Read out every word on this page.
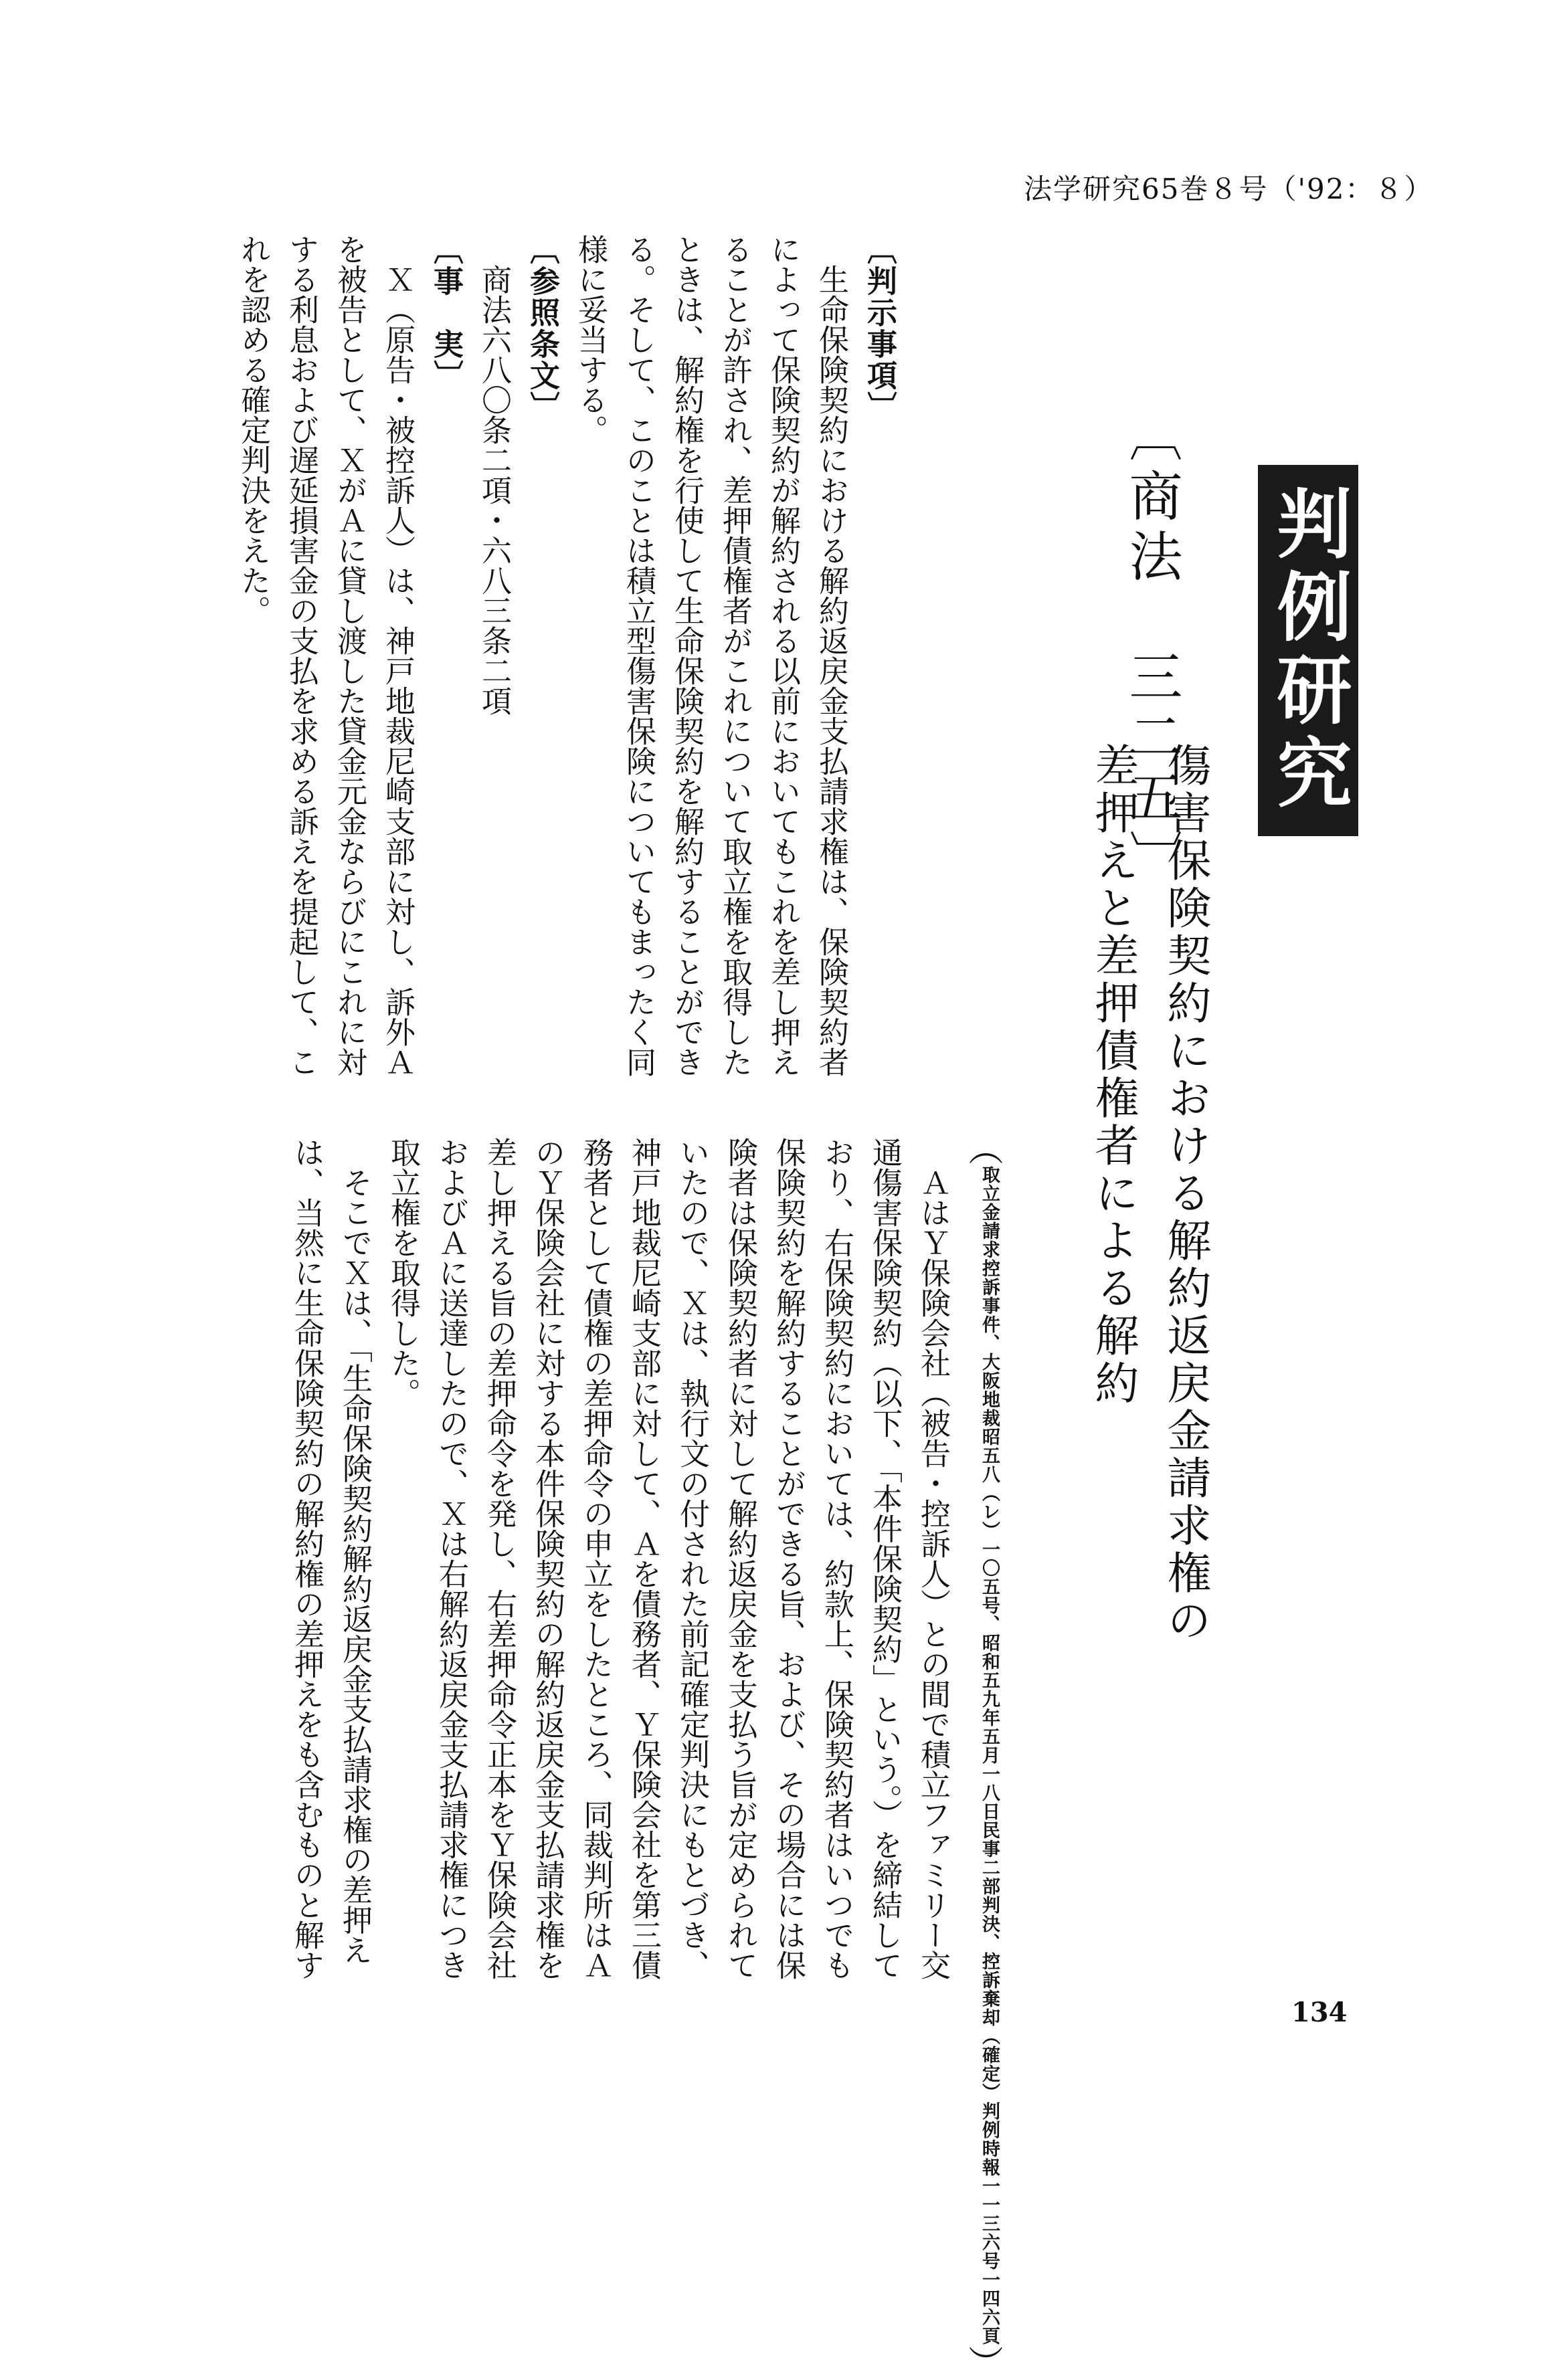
法学研究65巻８号（'92：８）
判例研究
〔商法　三二五〕
傷害保険契約における解約返戻金請求権の
差押えと差押債権者による解約
（
取立金請求控訴事件、大阪地裁昭五八（レ）一〇五号、
昭和五九年五月一八日民事二部判決、控訴棄却（確定）
判例時報一一三六号一四六頁
）

ＡはＹ保険会社（被告・控訴人）との間で積立ファミリー交通傷害保険契約（以下、「本件保険契約」という。）を締結しており、右保険契約においては、約款上、保険契約者はいつでも保険契約を解約することができる旨、および、その場合には保険者は保険契約者に対して解約返戻金を支払う旨が定められていたので、Ｘは、執行文の付された前記確定判決にもとづき、神戸地裁尼崎支部に対して、Ａを債務者、Ｙ保険会社を第三債務者として債権の差押命令の申立をしたところ、同裁判所はＡのＹ保険会社に対する本件保険契約の解約返戻金支払請求権を差し押える旨の差押命令を発し、右差押命令正本をＹ保険会社およびＡに送達したので、Ｘは右解約返戻金支払請求権につき取立権を取得した。

そこでＸは、「生命保険契約解約返戻金支払請求権の差押えは、当然に生命保険契約の解約権の差押えをも含むものと解す

〔判示事項〕

生命保険契約における解約返戻金支払請求権は、保険契約者によって保険契約が解約される以前においてもこれを差し押えることが許され、差押債権者がこれについて取立権を取得したときは、解約権を行使して生命保険契約を解約することができる。そして、このことは積立型傷害保険についてもまったく同様に妥当する。

〔参照条文〕

商法六八〇条二項・六八三条二項

〔事　実〕

Ｘ（原告・被控訴人）は、神戸地裁尼崎支部に対し、訴外Ａを被告として、ＸがＡに貸し渡した貸金元金ならびにこれに対する利息および遅延損害金の支払を求める訴えを提起して、これを認める確定判決をえた。

134
